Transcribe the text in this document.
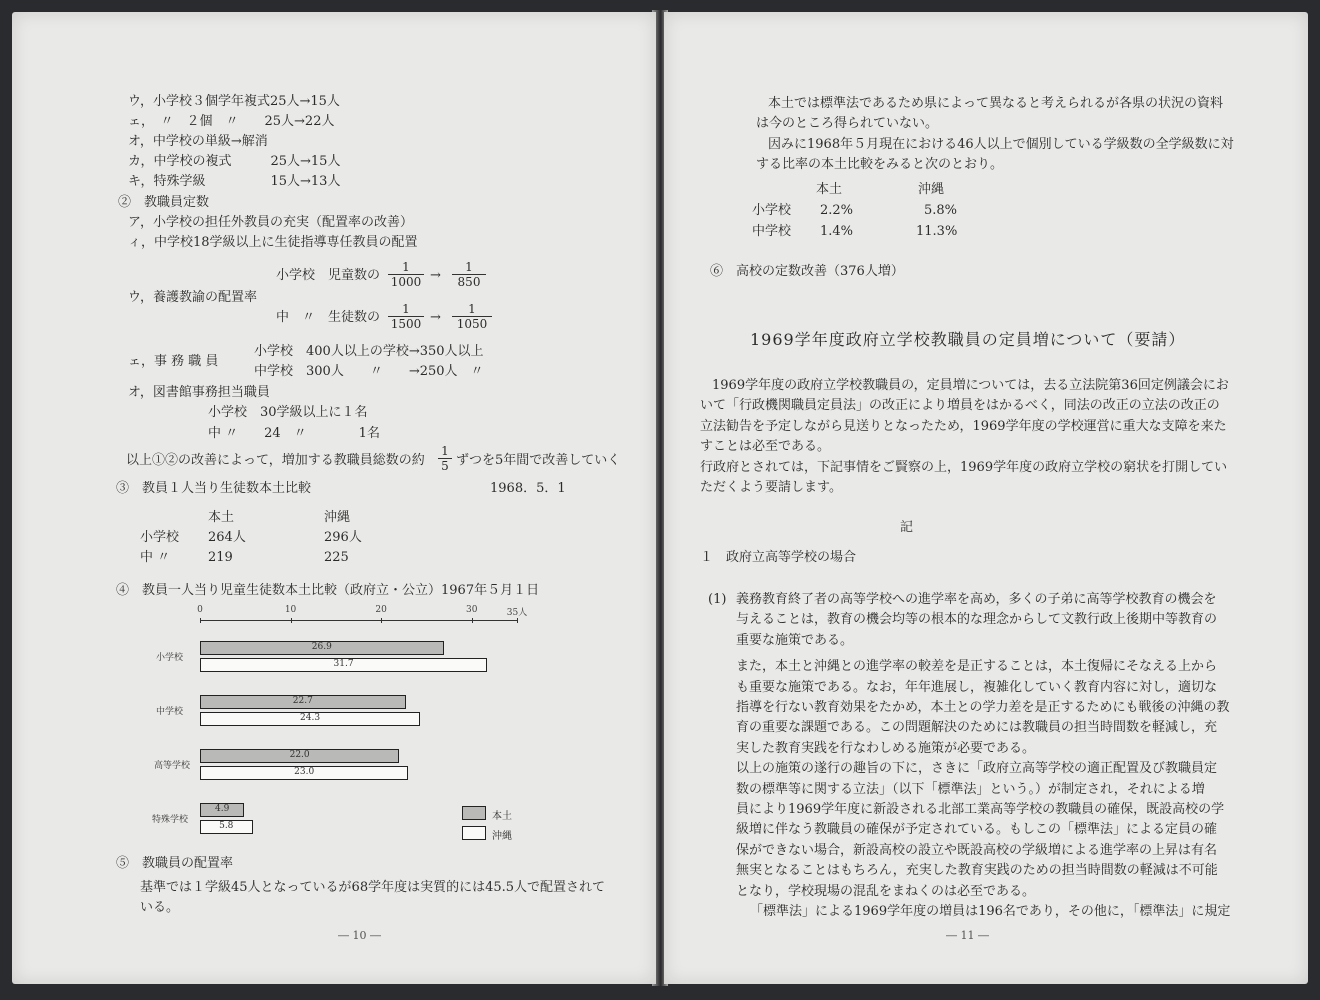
ウ，小学校３個学年複式25人→15人
ェ，　〃　２個　〃　　25人→22人
オ，中学校の単級→解消
カ，中学校の複式　　　25人→15人
キ，特殊学級　　　　　15人→13人
②　教職員定数
ア，小学校の担任外教員の充実（配置率の改善）
ィ，中学校18学級以上に生徒指導専任教員の配置
小学校　児童数の $\frac{1}{1000} \to \frac{1}{850}$
ウ，養護教諭の配置率
中　〃　生徒数の $\frac{1}{1500} \to \frac{1}{1050}$
ェ，事 務 職 員
小学校　400人以上の学校→350人以上
中学校　300人　　〃　　→250人　〃
オ，図書館事務担当職員
小学校　30学級以上に１名
中 〃　　24　〃　　　　1名
以上①②の改善によって，増加する教職員総数の約 $\frac{1}{5}$ ずつを5年間で改善していく
③　教員１人当り生徒数本土比較	1968．5．1
本土	沖縄
小学校 264人	296人
中 〃	219	225
④　教員一人当り児童生徒数本土比較（政府立・公立）1967年５月１日
0	10	20	30	35人
小学校
26.9
31.7
中学校
22.7
24.3
高等学校
22.0
23.0
特殊学校
4.9
5.8
本土
沖縄
⑤　教職員の配置率
基準では１学級45人となっているが68学年度は実質的には45.5人で配置されて
いる。
― 10 ―
本土では標準法であるため県によって異なると考えられるが各県の状況の資料
は今のところ得られていない。
因みに1968年５月現在における46人以上で個別している学級数の全学級数に対
する比率の本土比較をみると次のとおり。
本土	沖縄
小学校 2.2%	5.8%
中学校 1.4%	11.3%
⑥　高校の定数改善（376人増）
1969学年度政府立学校教職員の定員増について（要請）
1969学年度の政府立学校教職員の，定員増については，去る立法院第36回定例議会にお
いて「行政機関職員定員法」の改正により増員をはかるべく，同法の改正の立法の改正の
立法勧告を予定しながら見送りとなったため，1969学年度の学校運営に重大な支障を来た
すことは必至である。
行政府とされては，下記事情をご賢察の上，1969学年度の政府立学校の窮状を打開してい
ただくよう要請します。
記
１　政府立高等学校の場合
(1) 義務教育終了者の高等学校への進学率を高め，多くの子弟に高等学校教育の機会を
与えることは，教育の機会均等の根本的な理念からして文教行政上後期中等教育の
重要な施策である。
また，本土と沖縄との進学率の較差を是正することは，本土復帰にそなえる上から
も重要な施策である。なお，年年進展し，複雑化していく教育内容に対し，適切な
指導を行ない教育効果をたかめ，本土との学力差を是正するためにも戦後の沖縄の教
育の重要な課題である。この問題解決のためには教職員の担当時間数を軽減し，充
実した教育実践を行なわしめる施策が必要である。
以上の施策の遂行の趣旨の下に，さきに「政府立高等学校の適正配置及び教職員定
数の標準等に関する立法」（以下「標準法」という。）が制定され，それによる増
員により1969学年度に新設される北部工業高等学校の教職員の確保，既設高校の学
級増に伴なう教職員の確保が予定されている。もしこの「標準法」による定員の確
保ができない場合，新設高校の設立や既設高校の学級増による進学率の上昇は有名
無実となることはもちろん，充実した教育実践のための担当時間数の軽減は不可能
となり，学校現場の混乱をまねくのは必至である。
「標準法」による1969学年度の増員は196名であり，その他に，「標準法」に規定
― 11 ―
